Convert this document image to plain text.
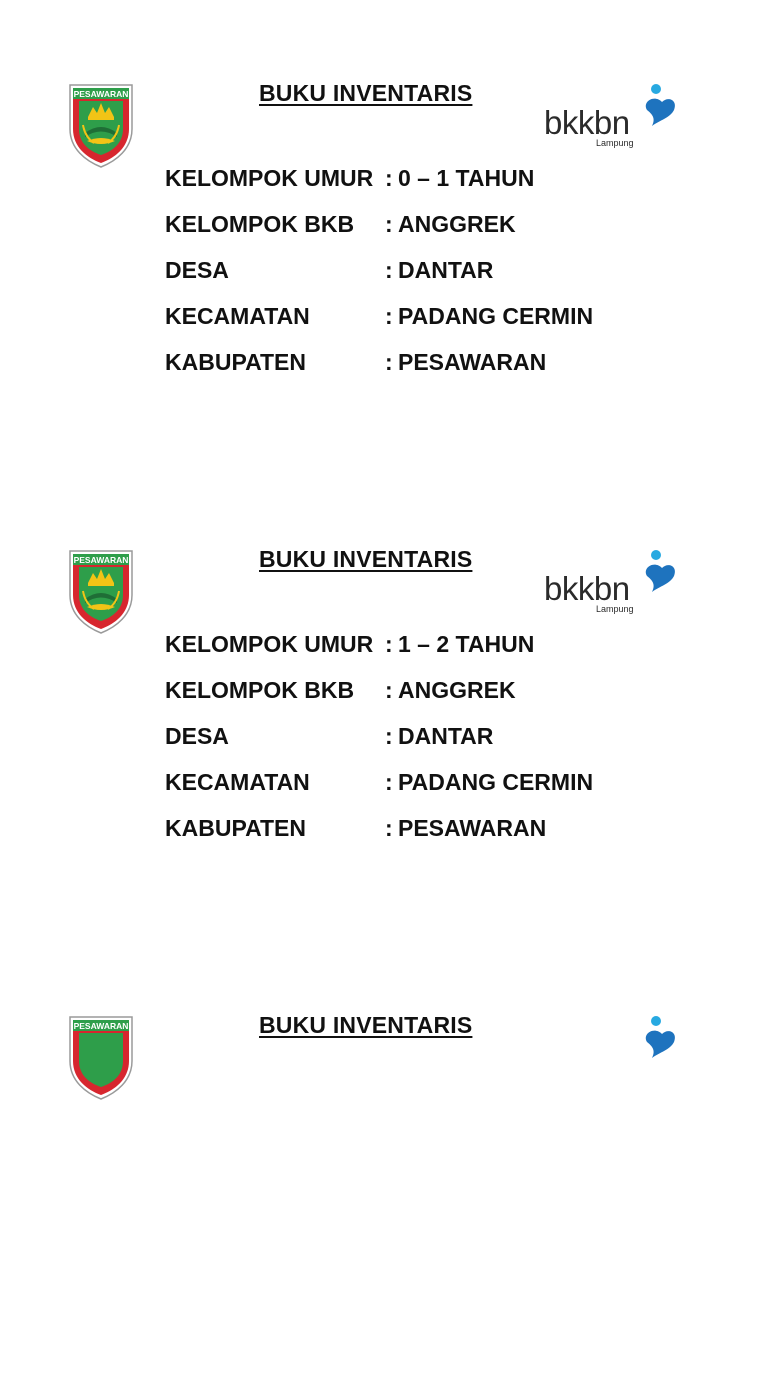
PESAWARAN	BUKU INVENTARIS
bkkbn
Lampung
KELOMPOK UMUR : 0 – 1 TAHUN
KELOMPOK BKB	: ANGGREK
DESA	: DANTAR
KECAMATAN	: PADANG CERMIN
KABUPATEN	: PESAWARAN
PESAWARAN	BUKU INVENTARIS
bkkbn
Lampung
KELOMPOK UMUR : 1 – 2 TAHUN
KELOMPOK BKB	: ANGGREK
DESA	: DANTAR
KECAMATAN	: PADANG CERMIN
KABUPATEN	: PESAWARAN
PESAWARAN	BUKU INVENTARIS
